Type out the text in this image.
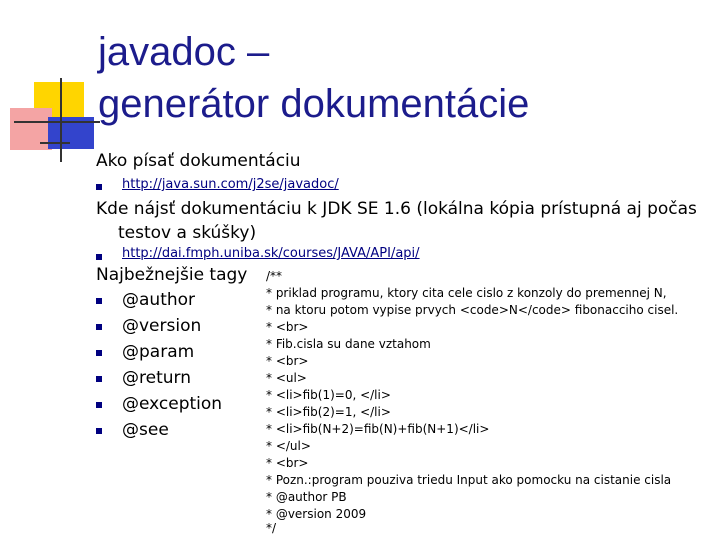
javadoc –
generátor dokumentácie
Ako písať dokumentáciu
http://java.sun.com/j2se/javadoc/
Kde nájsť dokumentáciu k JDK SE 1.6 (lokálna kópia prístupná aj počas
testov a skúšky)
http://dai.fmph.uniba.sk/courses/JAVA/API/api/
Najbežnejšie tagy
@author
@version
@param
@return
@exception
@see
/**
* priklad programu, ktory cita cele cislo z konzoly do premennej N,
* na ktoru potom vypise prvych <code>N</code> fibonacciho cisel.
* <br>
* Fib.cisla su dane vztahom
* <br>
* <ul>
* <li>fib(1)=0, </li>
* <li>fib(2)=1, </li>
* <li>fib(N+2)=fib(N)+fib(N+1)</li>
* </ul>
* <br>
* Pozn.:program pouziva triedu Input ako pomocku na cistanie cisla
* @author PB
* @version 2009
*/
